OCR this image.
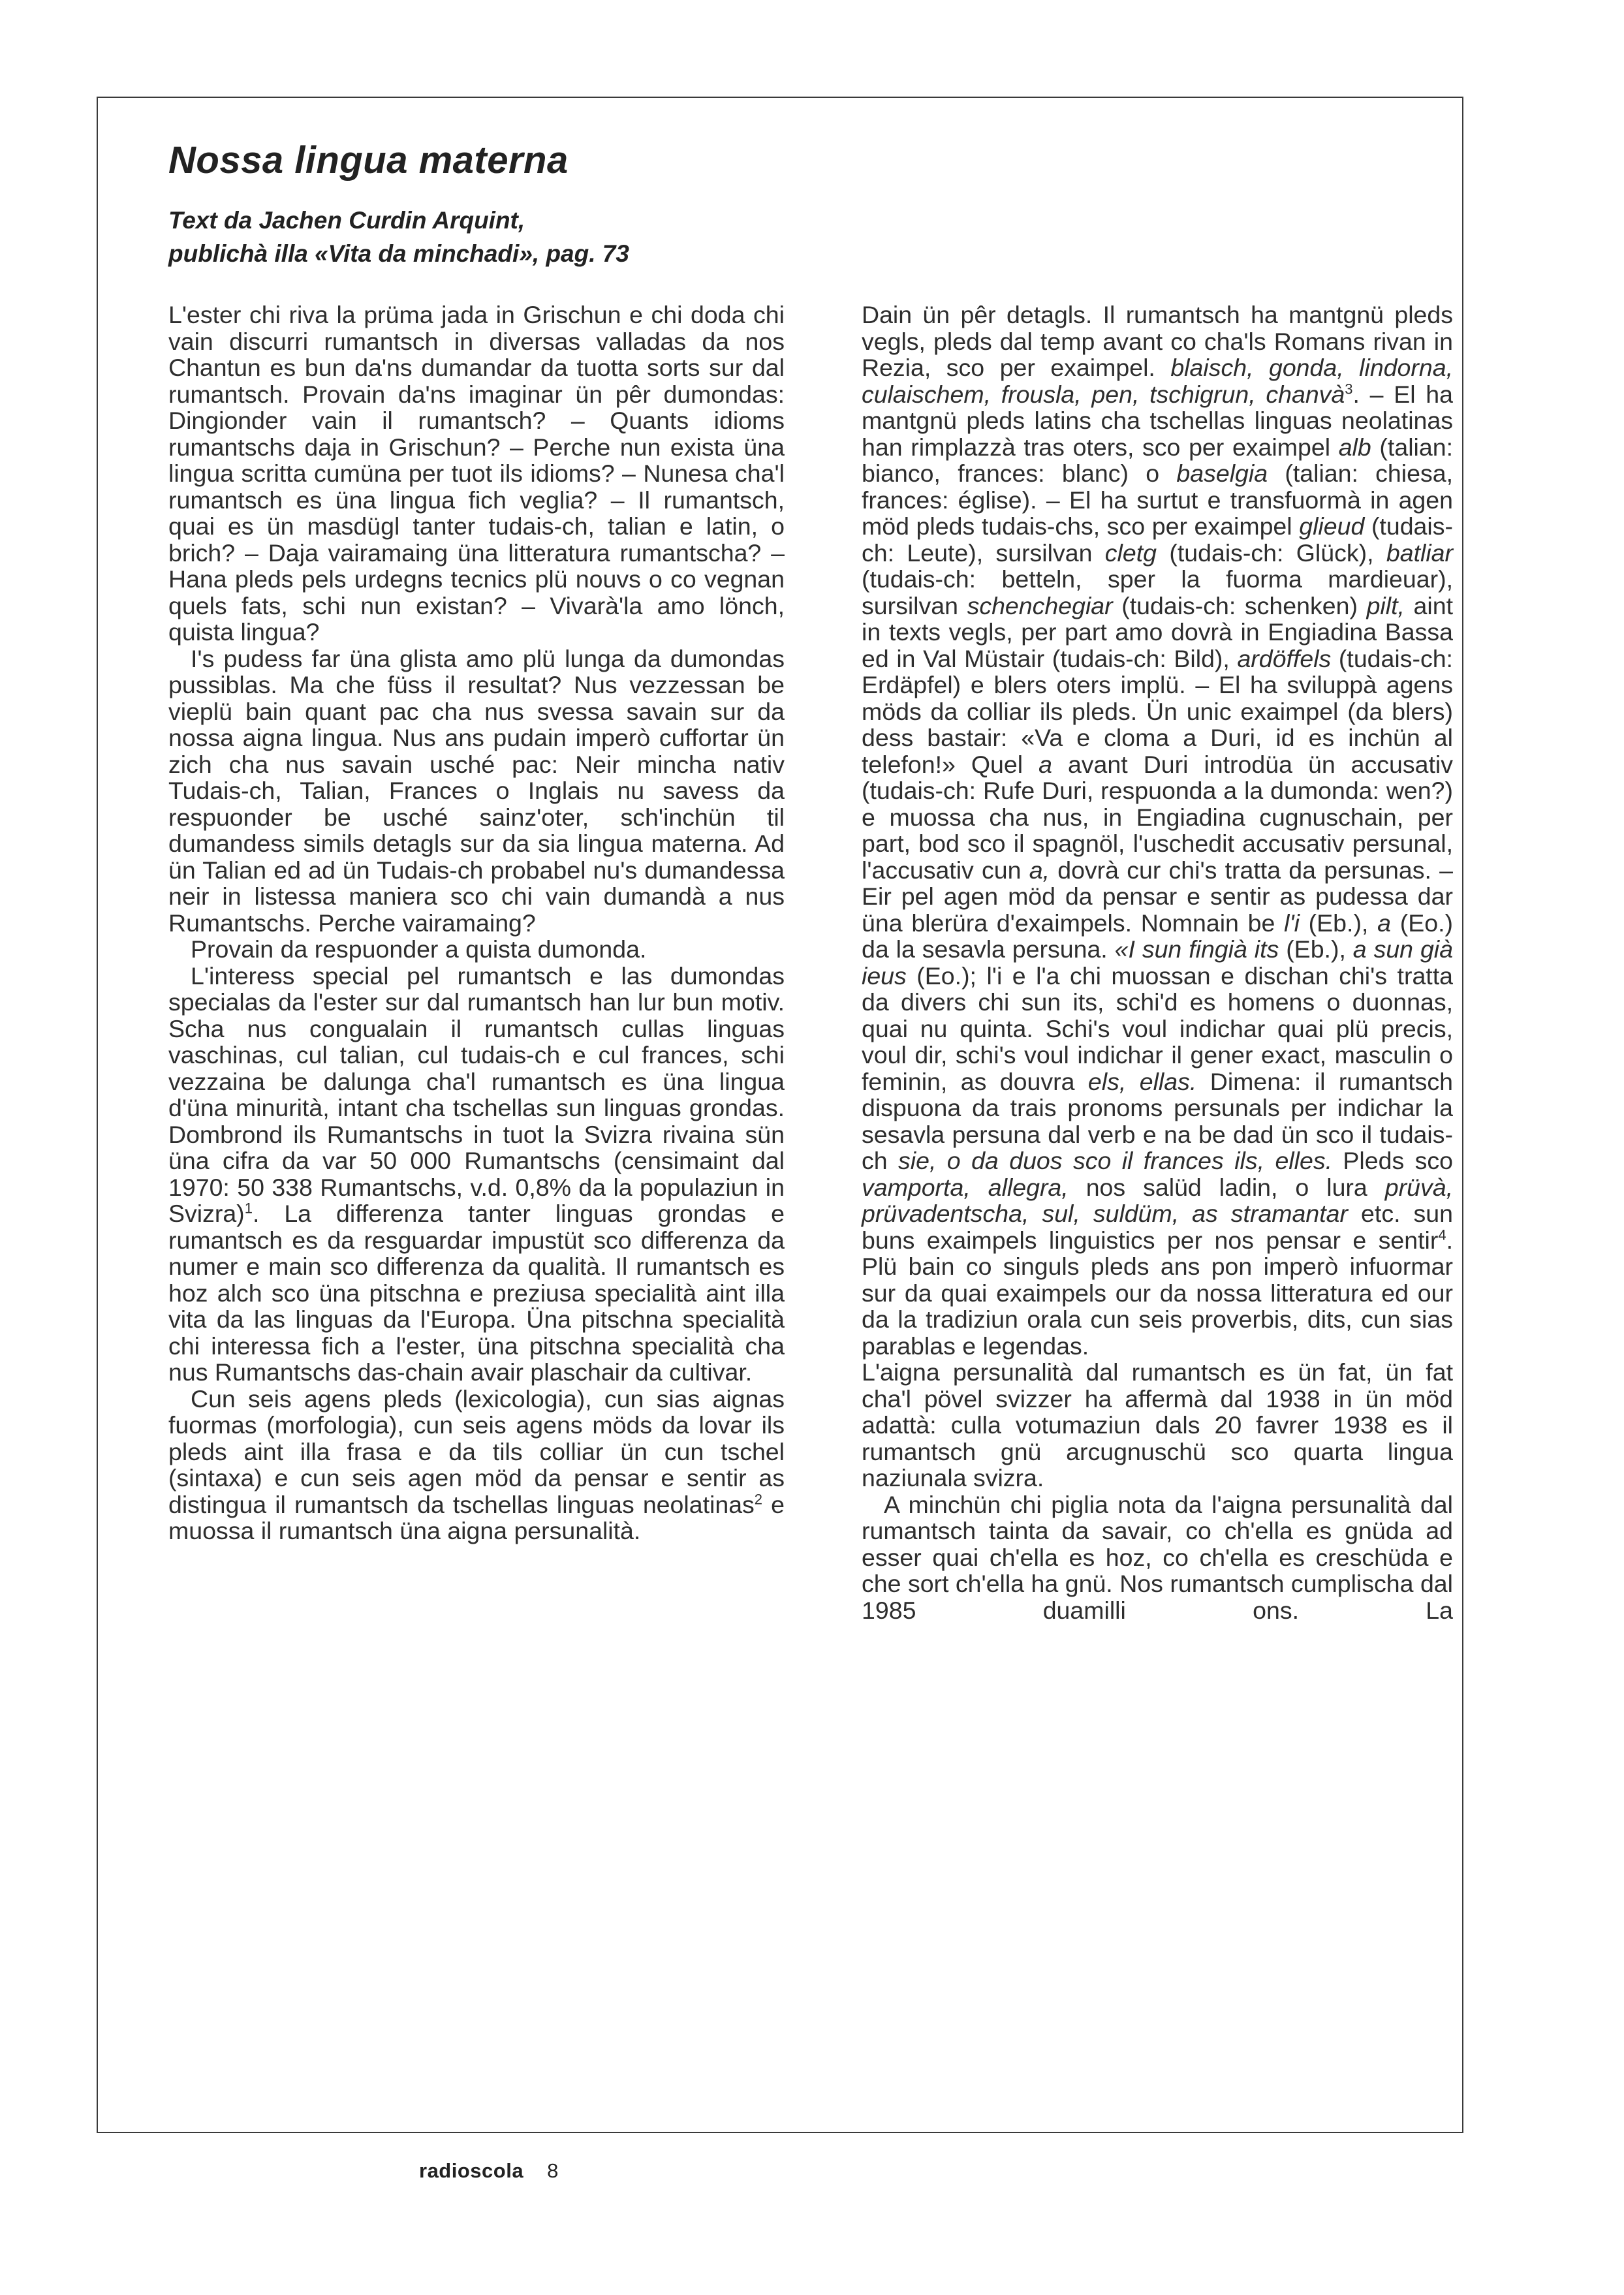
Nossa lingua materna
Text da Jachen Curdin Arquint,
publichà illa «Vita da minchadi», pag. 73

L'ester chi riva la prüma jada in Grischun e chi doda chi vain discurri rumantsch in diversas valladas da nos Chantun es bun da'ns dumandar da tuotta sorts sur dal rumantsch. Provain da'ns imaginar ün pêr dumondas: Dingionder vain il rumantsch? – Quants idioms rumantschs daja in Grischun? – Perche nun exista üna lingua scritta cumüna per tuot ils idioms? – Nunesa cha'l rumantsch es üna lingua fich veglia? – Il rumantsch, quai es ün masdügl tanter tudais-ch, talian e latin, o brich? – Daja vairamaing üna litteratura rumantscha? – Hana pleds pels urdegns tecnics plü nouvs o co vegnan quels fats, schi nun existan? – Vivarà'la amo lönch, quista lingua?

I's pudess far üna glista amo plü lunga da dumondas pussiblas. Ma che füss il resultat? Nus vezzessan be vieplü bain quant pac cha nus svessa savain sur da nossa aigna lingua. Nus ans pudain imperò cuffortar ün zich cha nus savain usché pac: Neir mincha nativ Tudais-ch, Talian, Frances o Inglais nu savess da respuonder be usché sainz'oter, sch'inchün til dumandess simils detagls sur da sia lingua materna. Ad ün Talian ed ad ün Tudais-ch probabel nu's dumandessa neir in listessa maniera sco chi vain dumandà a nus Rumantschs. Perche vairamaing?

Provain da respuonder a quista dumonda.

L'interess special pel rumantsch e las dumondas specialas da l'ester sur dal rumantsch han lur bun motiv. Scha nus congualain il rumantsch cullas linguas vaschinas, cul talian, cul tudais-ch e cul frances, schi vezzaina be dalunga cha'l rumantsch es üna lingua d'üna minurità, intant cha tschellas sun linguas grondas. Dombrond ils Rumantschs in tuot la Svizra rivaina sün üna cifra da var 50 000 Rumantschs (censimaint dal 1970: 50 338 Rumantschs, v.d. 0,8% da la populaziun in Svizra)$^1$. La differenza tanter linguas grondas e rumantsch es da resguardar impustüt sco differenza da numer e main sco differenza da qualità. Il rumantsch es hoz alch sco üna pitschna e preziusa specialità aint illa vita da las linguas da l'Europa. Üna pitschna specialità chi interessa fich a l'ester, üna pitschna specialità cha nus Rumantschs das-chain avair plaschair da cultivar.

Cun seis agens pleds (lexicologia), cun sias aignas fuormas (morfologia), cun seis agens möds da lovar ils pleds aint illa frasa e da tils colliar ün cun tschel (sintaxa) e cun seis agen möd da pensar e sentir as distingua il rumantsch da tschellas linguas neolatinas$^2$ e muossa il rumantsch üna aigna persunalità.

Dain ün pêr detagls. Il rumantsch ha mantgnü pleds vegls, pleds dal temp avant co cha'ls Romans rivan in Rezia, sco per exaimpel. blaisch, gonda, lindorna, culaischem, frousla, pen, tschigrun, chanvà$^3$. – El ha mantgnü pleds latins cha tschellas linguas neolatinas han rimplazzà tras oters, sco per exaimpel alb (talian: bianco, frances: blanc) o baselgia (talian: chiesa, frances: église). – El ha surtut e transfuormà in agen möd pleds tudais-chs, sco per exaimpel glieud (tudais-ch: Leute), sursilvan cletg (tudais-ch: Glück), batliar (tudais-ch: betteln, sper la fuorma mardieuar), sursilvan schenchegiar (tudais-ch: schenken) pilt, aint in texts vegls, per part amo dovrà in Engiadina Bassa ed in Val Müstair (tudais-ch: Bild), ardöffels (tudais-ch: Erdäpfel) e blers oters implü. – El ha sviluppà agens möds da colliar ils pleds. Ün unic exaimpel (da blers) dess bastair: «Va e cloma a Duri, id es inchün al telefon!» Quel a avant Duri introdüa ün accusativ (tudais-ch: Rufe Duri, respuonda a la dumonda: wen?) e muossa cha nus, in Engiadina cugnuschain, per part, bod sco il spagnöl, l'uschedit accusativ persunal, l'accusativ cun a, dovrà cur chi's tratta da persunas. – Eir pel agen möd da pensar e sentir as pudessa dar üna blerüra d'exaimpels. Nomnain be l'i (Eb.), a (Eo.) da la sesavla persuna. «I sun fingià its (Eb.), a sun già ieus (Eo.); l'i e l'a chi muossan e dischan chi's tratta da divers chi sun its, schi'd es homens o duonnas, quai nu quinta. Schi's voul indichar quai plü precis, voul dir, schi's voul indichar il gener exact, masculin o feminin, as douvra els, ellas. Dimena: il rumantsch dispuona da trais pronoms persunals per indichar la sesavla persuna dal verb e na be dad ün sco il tudais-ch sie, o da duos sco il frances ils, elles. Pleds sco vamporta, allegra, nos salüd ladin, o lura prüvà, prüvadentscha, sul, suldüm, as stramantar etc. sun buns exaimpels linguistics per nos pensar e sentir$^4$. Plü bain co singuls pleds ans pon imperò infuormar sur da quai exaimpels our da nossa litteratura ed our da la tradiziun orala cun seis proverbis, dits, cun sias parablas e legendas.

L'aigna persunalità dal rumantsch es ün fat, ün fat cha'l pövel svizzer ha affermà dal 1938 in ün möd adattà: culla votumaziun dals 20 favrer 1938 es il rumantsch gnü arcugnuschü sco quarta lingua naziunala svizra.

A minchün chi piglia nota da l'aigna persunalità dal rumantsch tainta da savair, co ch'ella es gnüda ad esser quai ch'ella es hoz, co ch'ella es creschüda e che sort ch'ella ha gnü. Nos rumantsch cumplischa dal 1985 duamilli ons. La

radioscola 8
